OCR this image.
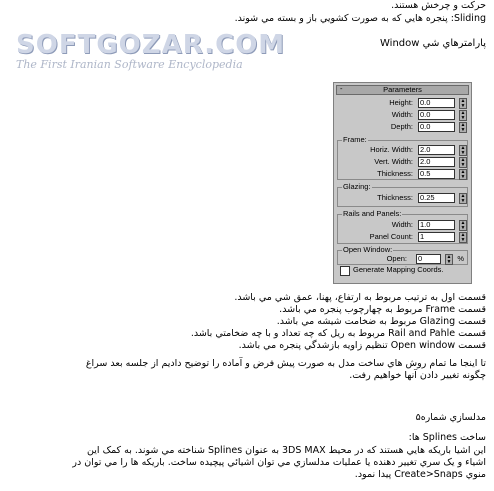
حرکت و چرخش هستند.
Sliding: پنجره هايي که به صورت کشويي باز و بسته مي شوند.
SOFTGOZAR.COM
The First Iranian Software Encyclopedia
پارامترهاي شي Window
-	Parameters
Height: 0.0	▲
▼
Width: 0.0	▲
▼
Depth: 0.0	▲
▼
Frame:
Horiz. Width: 2.0	▲
▼
Vert. Width: 2.0	▲
▼
Thickness: 0.5	▲
▼
Glazing:
Thickness: 0.25	▲
▼
Rails and Panels:
Width: 1.0	▲
▼
Panel Count: 1	▲
▼
Open Window:
Open: 0	▲
▼ %
Generate Mapping Coords.
قسمت اول به ترتيب مربوط به ارتفاع، پهنا، عمق شي مي باشد.
قسمت Frame مربوط به چهارچوب پنجره مي باشد.
قسمت Glazing مربوط به ضخامت شيشه مي باشد.
قسمت Rail and Pahle مربوط به ريل که چه تعداد و با چه ضخامتي باشد.
قسمت Open window تنظيم زاويه بازشدگي پنجره مي باشد.
تا اينجا ما تمام روش هاي ساخت مدل به صورت پيش فرض و آماده را توضيح داديم از جلسه بعد سراغ
چگونه تغيير دادن آنها خواهيم رفت.
مدلسازي شماره۵
ساخت Splines ها:
اين اشيا باريکه هايي هستند که در محيط 3DS MAX به عنوان Splines شناخته مي شوند. به کمک اين
اشياء و يک سري تغيير دهنده يا عمليات مدلسازي مي توان اشيائي پيچيده ساخت. باريکه ها را مي توان در
منوي Create>Snaps پيدا نمود.
